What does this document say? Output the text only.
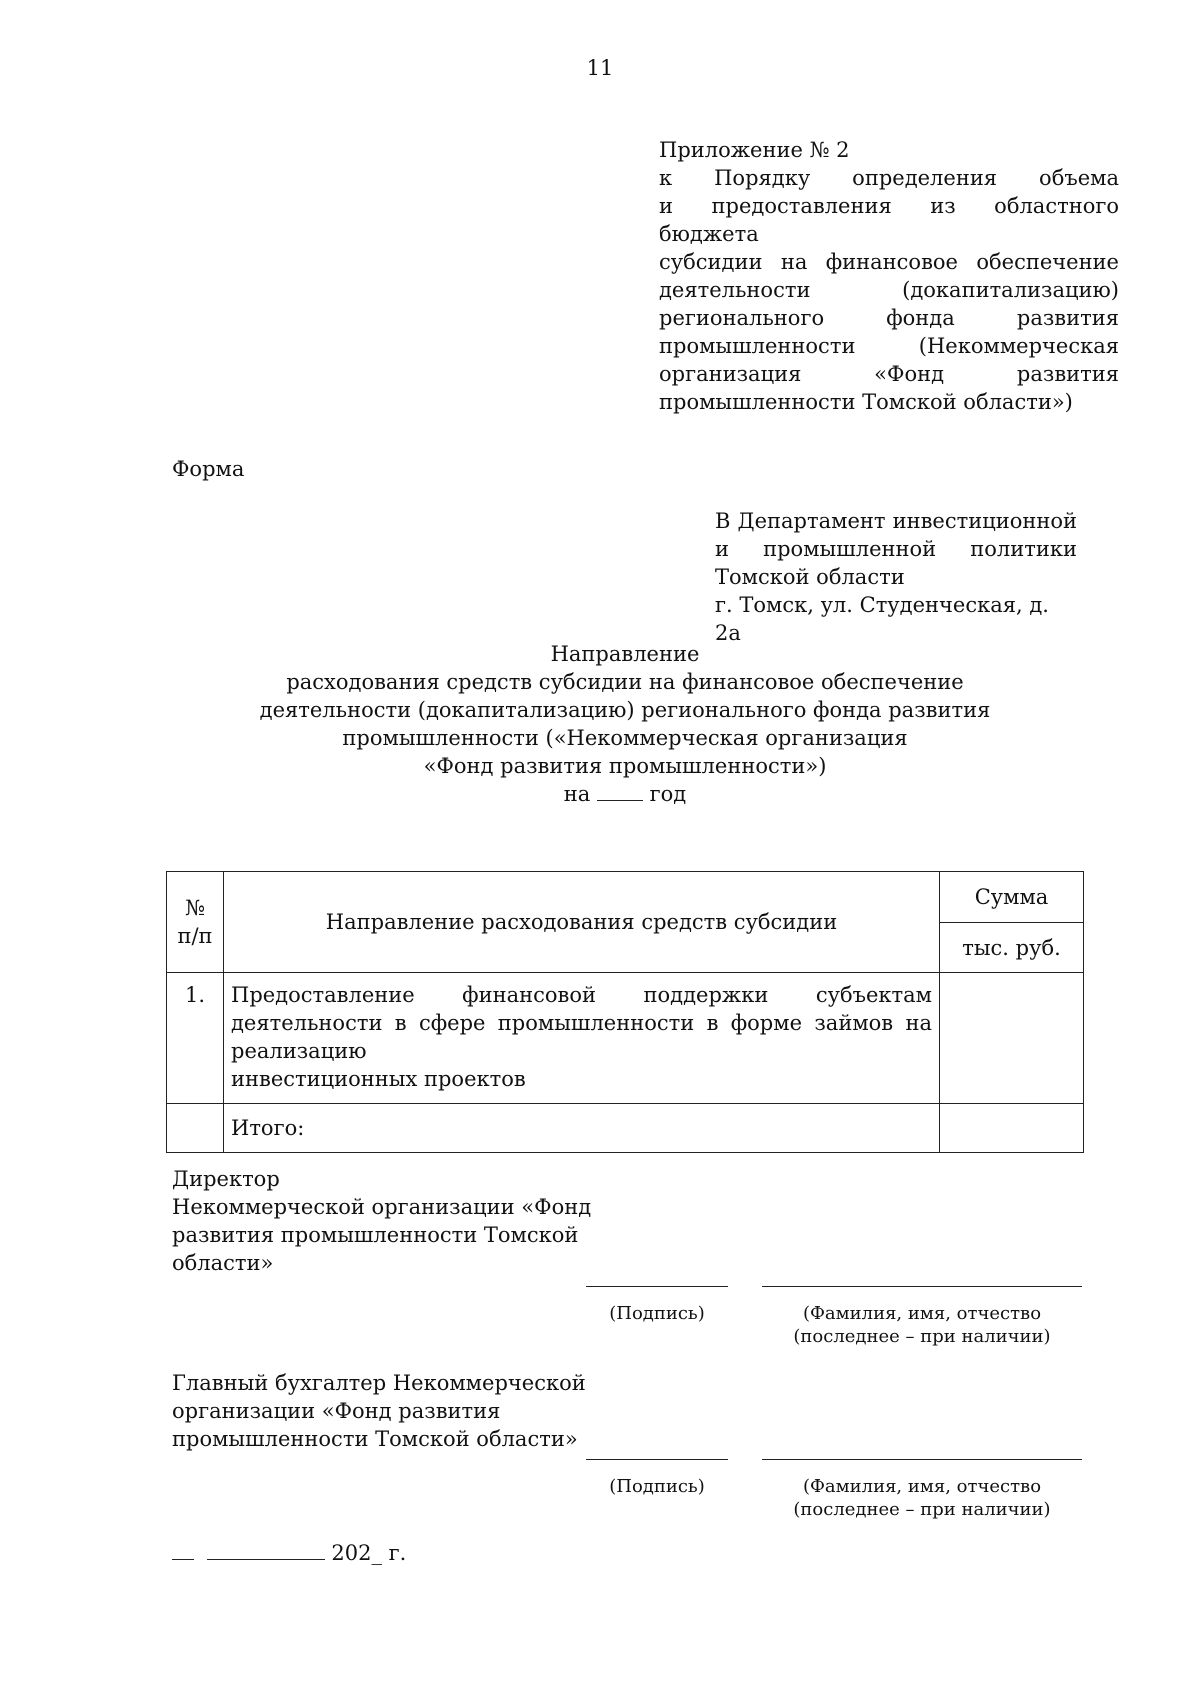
11
Приложение № 2
к Порядку определения объема
и предоставления из областного бюджета
субсидии на финансовое обеспечение
деятельности (докапитализацию)
регионального фонда развития
промышленности (Некоммерческая
организация «Фонд развития
промышленности Томской области»)
Форма
В Департамент инвестиционной
и промышленной политики
Томской области
г. Томск, ул. Студенческая, д. 2а
Направление
расходования средств субсидии на финансовое обеспечение
деятельности (докапитализацию) регионального фонда развития
промышленности («Некоммерческая организация
«Фонд развития промышленности»)
на	год
№
п/п	Направление расходования средств субсидии	Сумма
		тыс. руб.
1.	Предоставление финансовой поддержки субъектам деятельности в сфере промышленности в форме займов на реализацию
инвестиционных проектов	

	Итого:	
Директор
Некоммерческой организации «Фонд
развития промышленности Томской
области»
(Подпись)	(Фамилия, имя, отчество
(последнее – при наличии)
Главный бухгалтер Некоммерческой
организации «Фонд развития
промышленности Томской области»
(Подпись)	(Фамилия, имя, отчество
(последнее – при наличии)
202_ г.
